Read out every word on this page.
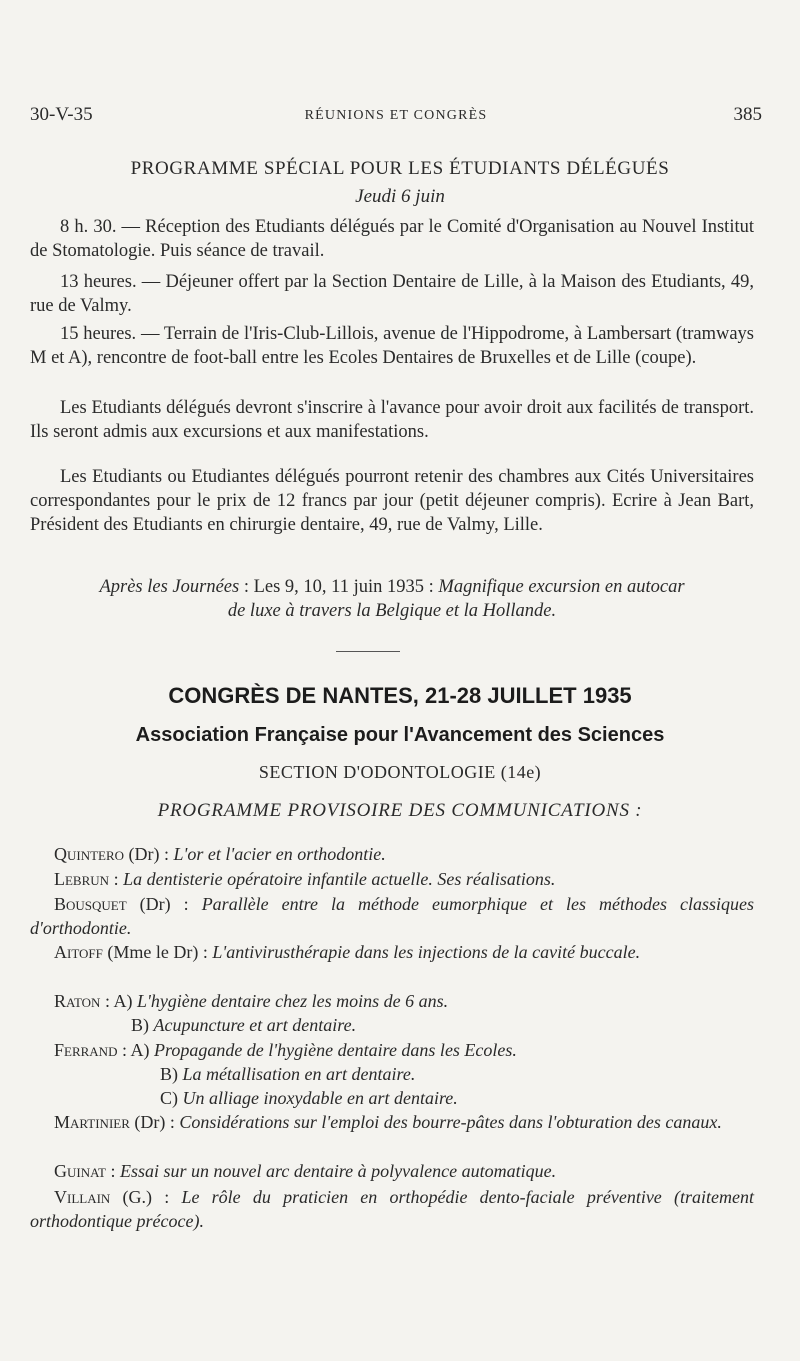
30-V-35	RÉUNIONS ET CONGRÈS	385
PROGRAMME SPÉCIAL POUR LES ÉTUDIANTS DÉLÉGUÉS
Jeudi 6 juin
8 h. 30. — Réception des Etudiants délégués par le Comité d'Organisation au Nouvel Institut de Stomatologie. Puis séance de travail.
13 heures. — Déjeuner offert par la Section Dentaire de Lille, à la Maison des Etudiants, 49, rue de Valmy.
15 heures. — Terrain de l'Iris-Club-Lillois, avenue de l'Hippodrome, à Lambersart (tramways M et A), rencontre de foot-ball entre les Ecoles Dentaires de Bruxelles et de Lille (coupe).
Les Etudiants délégués devront s'inscrire à l'avance pour avoir droit aux facilités de transport. Ils seront admis aux excursions et aux manifestations.
Les Etudiants ou Etudiantes délégués pourront retenir des chambres aux Cités Universitaires correspondantes pour le prix de 12 francs par jour (petit déjeuner compris). Ecrire à Jean Bart, Président des Etudiants en chirurgie dentaire, 49, rue de Valmy, Lille.
Après les Journées : Les 9, 10, 11 juin 1935 : Magnifique excursion en autocar
de luxe à travers la Belgique et la Hollande.
CONGRÈS DE NANTES, 21-28 JUILLET 1935
Association Française pour l'Avancement des Sciences
SECTION D'ODONTOLOGIE (14e)
PROGRAMME PROVISOIRE DES COMMUNICATIONS :
Quintero (Dr) : L'or et l'acier en orthodontie.
Lebrun : La dentisterie opératoire infantile actuelle. Ses réalisations.
Bousquet (Dr) : Parallèle entre la méthode eumorphique et les méthodes classiques d'orthodontie.
Aitoff (Mme le Dr) : L'antivirusthérapie dans les injections de la cavité buccale.
Raton : A) L'hygiène dentaire chez les moins de 6 ans.
B) Acupuncture et art dentaire.
Ferrand : A) Propagande de l'hygiène dentaire dans les Ecoles.
B) La métallisation en art dentaire.
C) Un alliage inoxydable en art dentaire.
Martinier (Dr) : Considérations sur l'emploi des bourre-pâtes dans l'obturation des canaux.
Guinat : Essai sur un nouvel arc dentaire à polyvalence automatique.
Villain (G.) : Le rôle du praticien en orthopédie dento-faciale préventive (traitement orthodontique précoce).
